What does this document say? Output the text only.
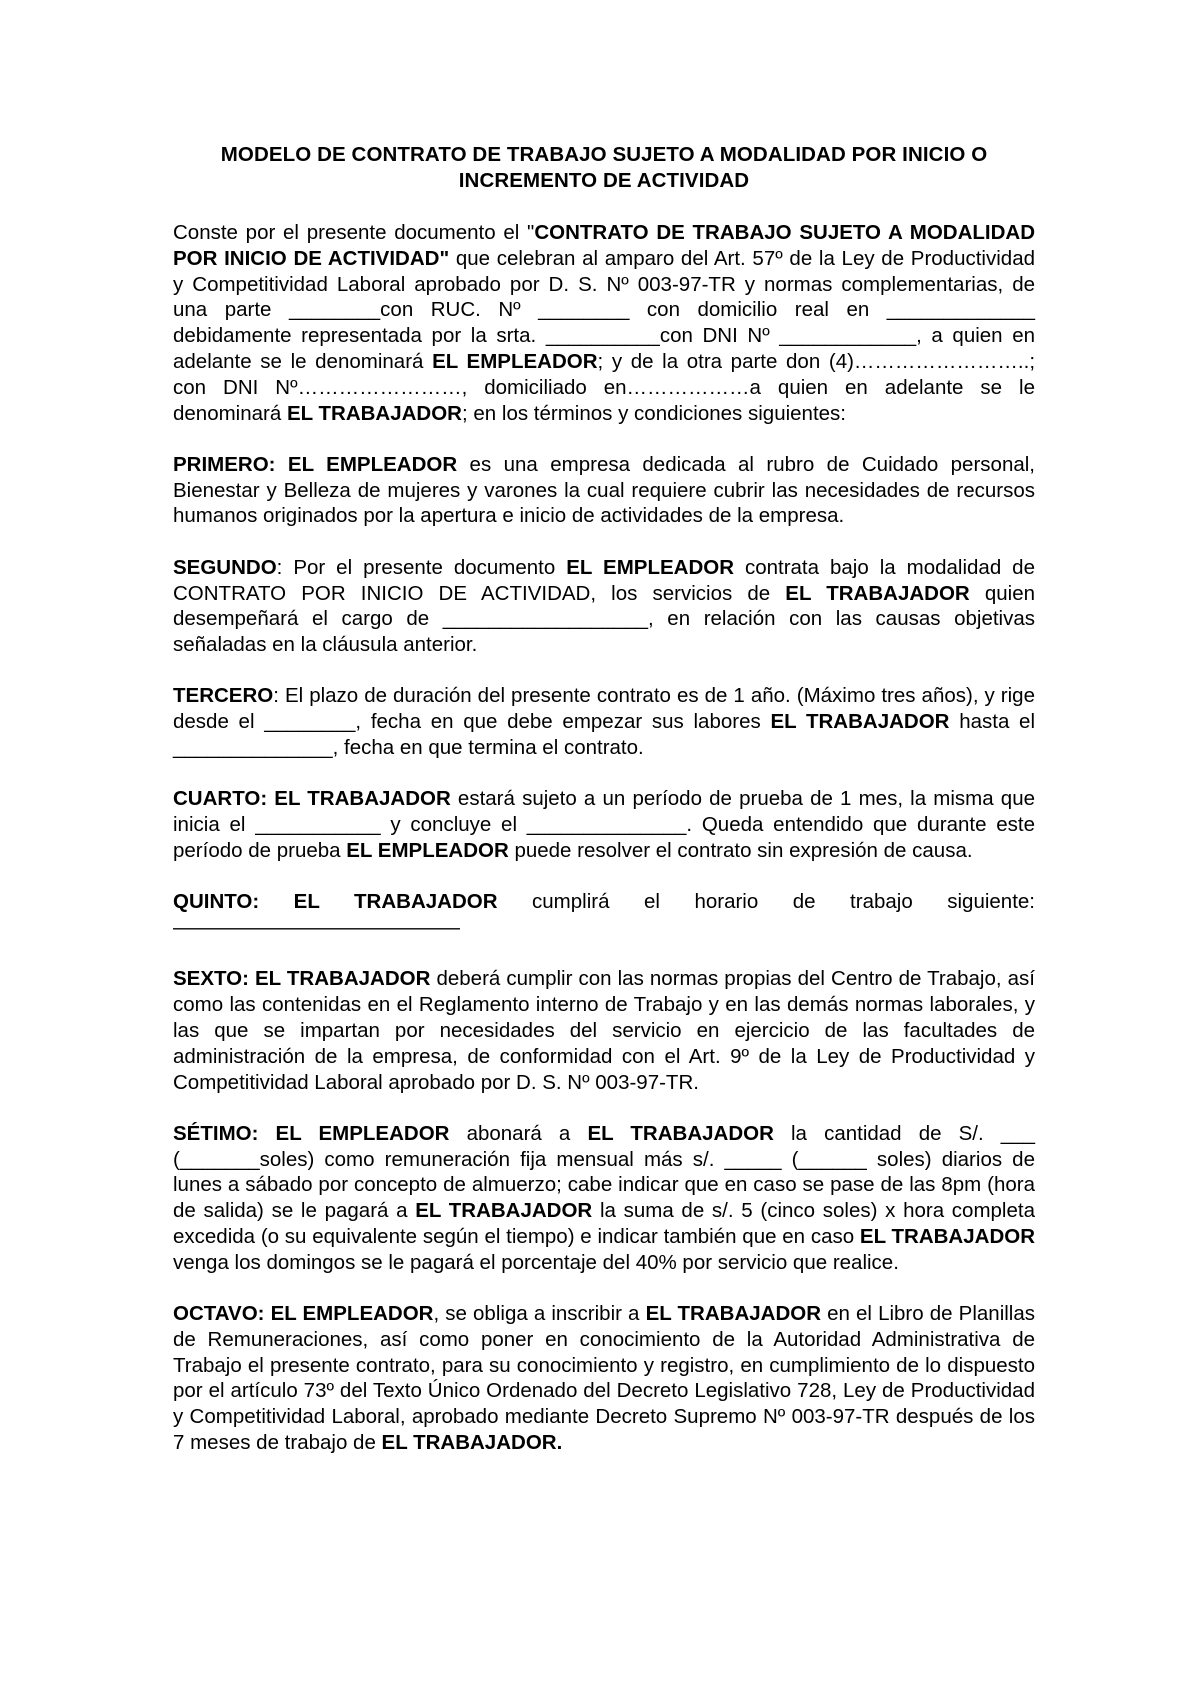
MODELO DE CONTRATO DE TRABAJO SUJETO A MODALIDAD POR INICIO O
INCREMENTO DE ACTIVIDAD

Conste por el presente documento el "CONTRATO DE TRABAJO SUJETO A MODALIDAD POR INICIO DE ACTIVIDAD" que celebran al amparo del Art. 57º de la Ley de Productividad y Competitividad Laboral aprobado por D. S. Nº 003-97-TR y normas complementarias, de una parte ________con RUC. Nº ________ con domicilio real en _____________ debidamente representada por la srta. __________con DNI Nº ____________, a quien en adelante se le denominará EL EMPLEADOR; y de la otra parte don (4)……………………..; con DNI Nº……………………, domiciliado en………………a quien en adelante se le denominará EL TRABAJADOR; en los términos y condiciones siguientes:

PRIMERO: EL EMPLEADOR es una empresa dedicada al rubro de Cuidado personal, Bienestar y Belleza de mujeres y varones la cual requiere cubrir las necesidades de recursos humanos originados por la apertura e inicio de actividades de la empresa.

SEGUNDO: Por el presente documento EL EMPLEADOR contrata bajo la modalidad de CONTRATO POR INICIO DE ACTIVIDAD, los servicios de EL TRABAJADOR quien desempeñará el cargo de __________________, en relación con las causas objetivas señaladas en la cláusula anterior.

TERCERO: El plazo de duración del presente contrato es de 1 año. (Máximo tres años), y rige desde el ________, fecha en que debe empezar sus labores EL TRABAJADOR hasta el ______________, fecha en que termina el contrato.

CUARTO: EL TRABAJADOR estará sujeto a un período de prueba de 1 mes, la misma que inicia el ___________ y concluye el ______________. Queda entendido que durante este período de prueba EL EMPLEADOR puede resolver el contrato sin expresión de causa.

QUINTO: EL TRABAJADOR cumplirá el horario de trabajo siguiente: ——————————————

SEXTO: EL TRABAJADOR deberá cumplir con las normas propias del Centro de Trabajo, así como las contenidas en el Reglamento interno de Trabajo y en las demás normas laborales, y las que se impartan por necesidades del servicio en ejercicio de las facultades de administración de la empresa, de conformidad con el Art. 9º de la Ley de Productividad y Competitividad Laboral aprobado por D. S. Nº 003-97-TR.

SÉTIMO: EL EMPLEADOR abonará a EL TRABAJADOR la cantidad de S/. ___ (_______soles) como remuneración fija mensual más s/. _____ (______ soles) diarios de lunes a sábado por concepto de almuerzo; cabe indicar que en caso se pase de las 8pm (hora de salida) se le pagará a EL TRABAJADOR la suma de s/. 5 (cinco soles) x hora completa excedida (o su equivalente según el tiempo) e indicar también que en caso EL TRABAJADOR venga los domingos se le pagará el porcentaje del 40% por servicio que realice.

OCTAVO: EL EMPLEADOR, se obliga a inscribir a EL TRABAJADOR en el Libro de Planillas de Remuneraciones, así como poner en conocimiento de la Autoridad Administrativa de Trabajo el presente contrato, para su conocimiento y registro, en cumplimiento de lo dispuesto por el artículo 73º del Texto Único Ordenado del Decreto Legislativo 728, Ley de Productividad y Competitividad Laboral, aprobado mediante Decreto Supremo Nº 003-97-TR después de los 7 meses de trabajo de EL TRABAJADOR.
